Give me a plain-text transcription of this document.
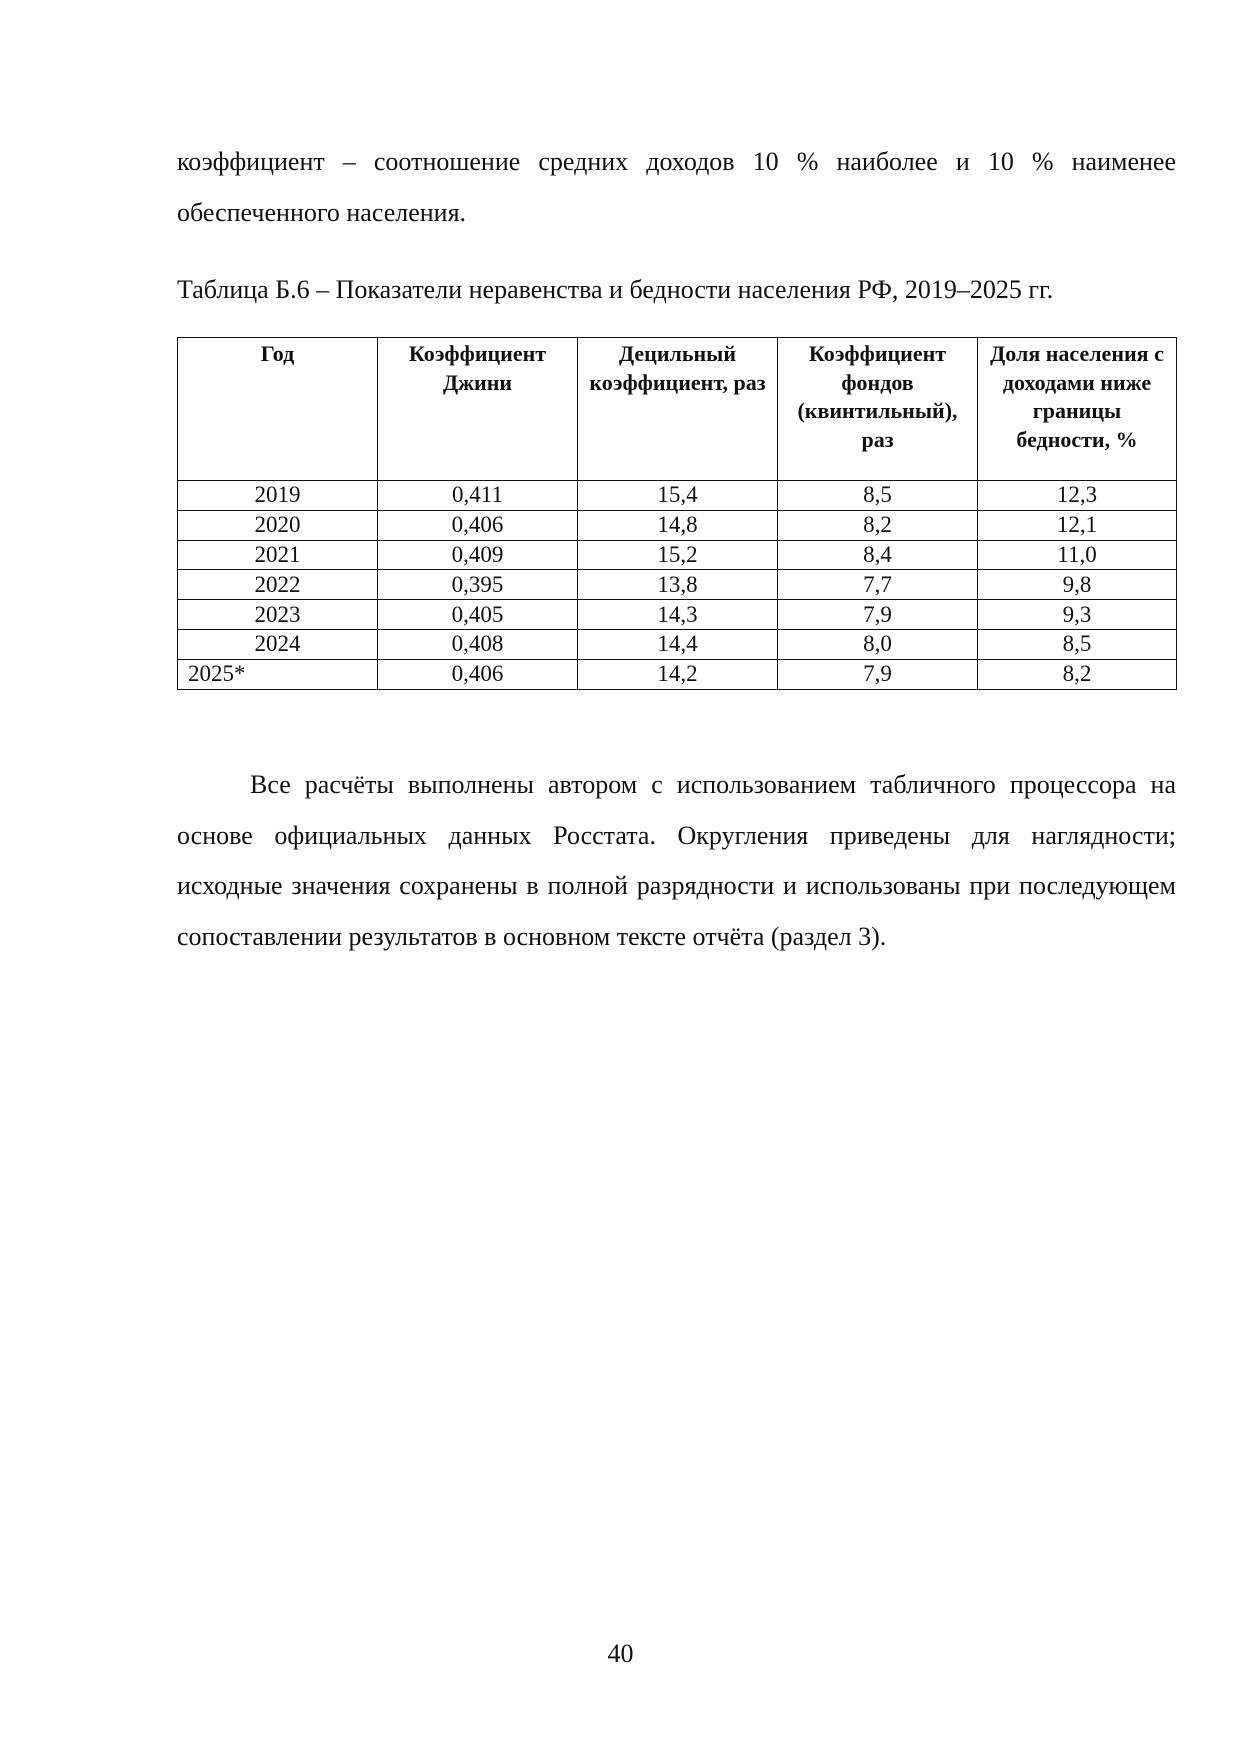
коэффициент – соотношение средних доходов 10 % наиболее и 10 % наименее обеспеченного населения.

Таблица Б.6 – Показатели неравенства и бедности населения РФ, 2019–2025 гг.
Год	Коэффициент Джини	Децильный коэффициент, раз	Коэффициент фондов (квинтильный), раз	Доля населения с доходами ниже границы бедности, %
2019	0,411	15,4	8,5	12,3
2020	0,406	14,8	8,2	12,1
2021	0,409	15,2	8,4	11,0
2022	0,395	13,8	7,7	9,8
2023	0,405	14,3	7,9	9,3
2024	0,408	14,4	8,0	8,5
2025*	0,406	14,2	7,9	8,2

Все расчёты выполнены автором с использованием табличного процессора на основе официальных данных Росстата. Округления приведены для наглядности; исходные значения сохранены в полной разрядности и использованы при последующем сопоставлении результатов в основном тексте отчёта (раздел 3).

40
